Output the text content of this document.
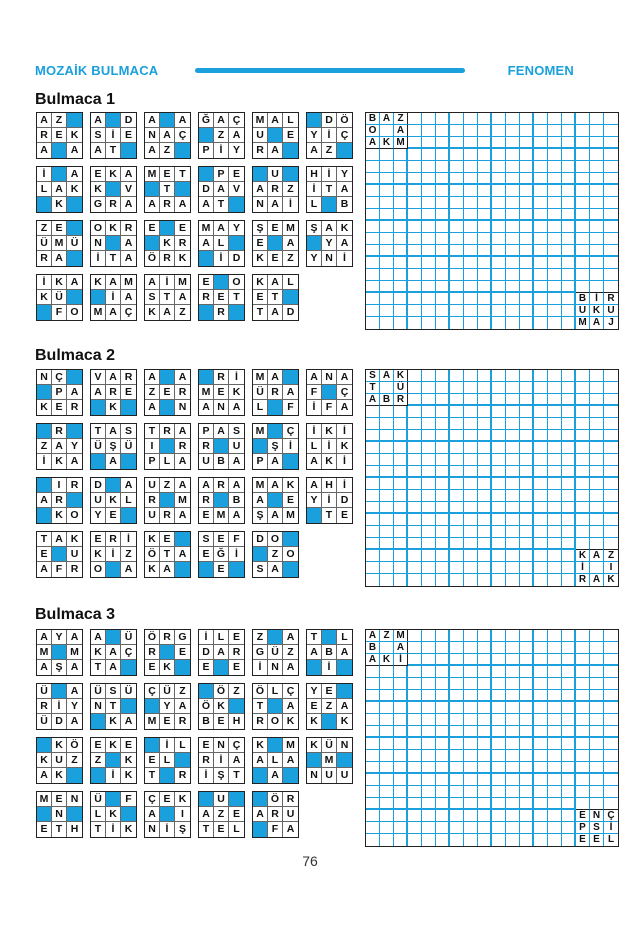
MOZAİK BULMACA	FENOMEN
Bulmaca 1
Bulmaca 2
Bulmaca 3
A Z
R E K
A	A
A	D
S İ	E
A T
A	A
N A Ç
A Z
Ğ A Ç
Z A
P İ	Y
M A L
U	E
R A
D Ö
Y İ Ç
A Z
İ	A
L A K
K
E K A
K	V
G R A
M E T
T
A R A
P E
D A V
A T
U
A R Z
N A İ
H İ	Y
İ T A
L	B
Z E
Ü M Ü
R A
O K R
N	A
İ T A
E	E
K R
Ö R K
M A Y
A L
İ D
Ş E M
E	A
K E Z
Ş A K
Y A
Y N İ
İ K A
K Ü
F O
K A M
İ A
M A Ç
A İ M
S T A
K A Z
E	O
R E T
R
K A L
E T
T A D
B A Z
O	A
A K M
B İ R
U K U
M A J
N Ç
P A
K E R
V A R
A R E
K
A	A
Z E R
A	N
R İ
M E K
A N A
M A
Ü R A
L	F
A N A
F	Ç
İ F A
R
Z A Y
İ K A
T A S
Ü Ş Ü
A
T R A
I	R
P L A
P A S
R	U
U B A
M	Ç
Ş	İ
P A
İ K İ
L İ K
A K İ
I R
A R
K O
D	A
U K L
Y E
U Z A
R	M
U R A
A R A
R	B
E M A
M A K
A	E
Ş A M
A H İ
Y İ D
T E
T A K
E	U
A F R
E R İ
K İ	Z
O	A
K E
Ö T A
K A
S E F
E Ğ İ
E
D O
Z O
S A
S A K
T	Ü
A B R
K A Z
İ	I
R A K
A Y A
M	M
A Ş A
A	Ü
K A Ç
T A
Ö R G
R	E
E K
İ L E
D A R
E	E
Z	A
G Ü Z
İ N A
T	L
A B A
İ
Ü	A
R İ	Y
Ü D A
Ü S Ü
N T
K A
Ç Ü Z
Y A
M E R
Ö Z
Ö K
B E H
Ö L Ç
T	A
R O K
Y E
E Z A
K	K
K Ö
K U Z
A K
E K E
Z	K
İ K
İ	L
E L
T	R
E N Ç
R İ A
İ Ş T
K	M
A L A
A
K Ü N
M
N U U
M E N
N
E T H
Ü	F
L K
T İ K
Ç E K
A	I
N İ	Ş
U
A Z E
T E L
Ö R
A R U
F A
A Z M
B	A
A K İ
E N Ç
P S İ
E E L
76
